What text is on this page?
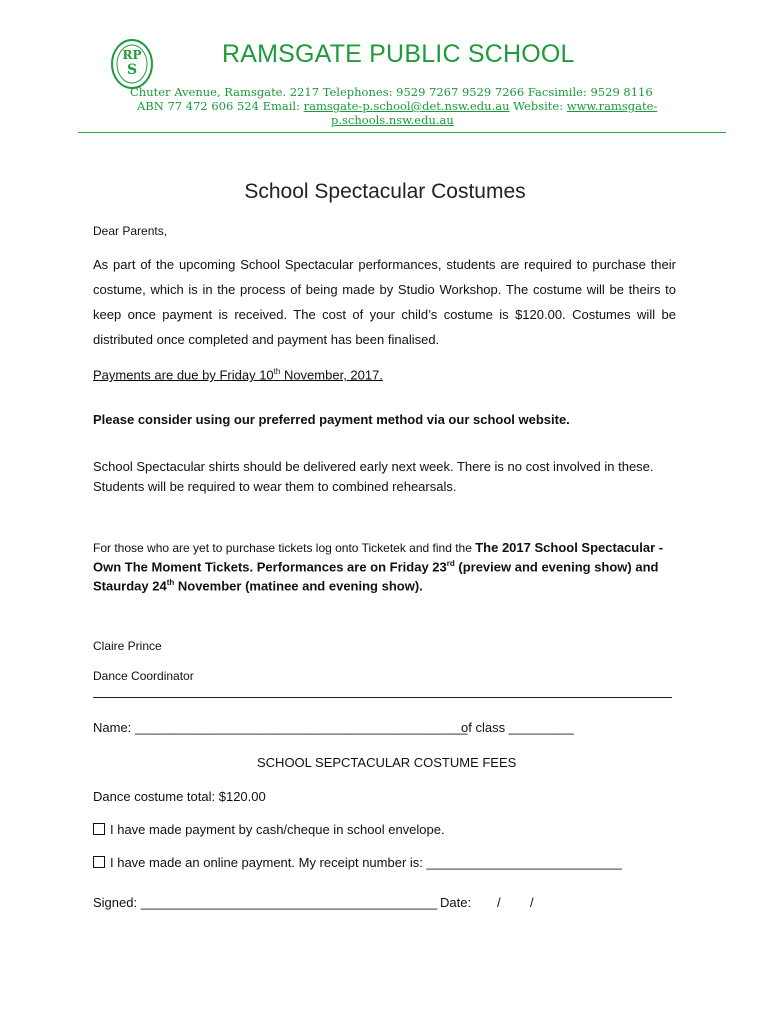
RP
S
RAMSGATE PUBLIC SCHOOL
Chuter Avenue, Ramsgate. 2217 Telephones: 9529 7267 9529 7266 Facsimile: 9529 8116
ABN 77 472 606 524 Email: ramsgate-p.school@det.nsw.edu.au Website: www.ramsgate-
p.schools.nsw.edu.au
School Spectacular Costumes
Dear Parents,
As part of the upcoming School Spectacular performances, students are required to purchase their costume, which is in the process of being made by Studio Workshop. The costume will be theirs to keep once payment is received. The cost of your child’s costume is $120.00. Costumes will be distributed once completed and payment has been finalised.
Payments are due by Friday 10th November, 2017.
Please consider using our preferred payment method via our school website.
School Spectacular shirts should be delivered early next week. There is no cost involved in these.
Students will be required to wear them to combined rehearsals.
For those who are yet to purchase tickets log onto Ticketek and find the The 2017 School Spectacular -
Own The Moment Tickets. Performances are on Friday 23rd (preview and evening show) and
Staurday 24th November (matinee and evening show).
Claire Prince
Dance Coordinator
Name: ______________________________________________
of class _________
SCHOOL SEPCTACULAR COSTUME FEES
Dance costume total: $120.00
I have made payment by cash/cheque in school envelope.
I have made an online payment. My receipt number is: ___________________________
Signed: _________________________________________ Date: / /
